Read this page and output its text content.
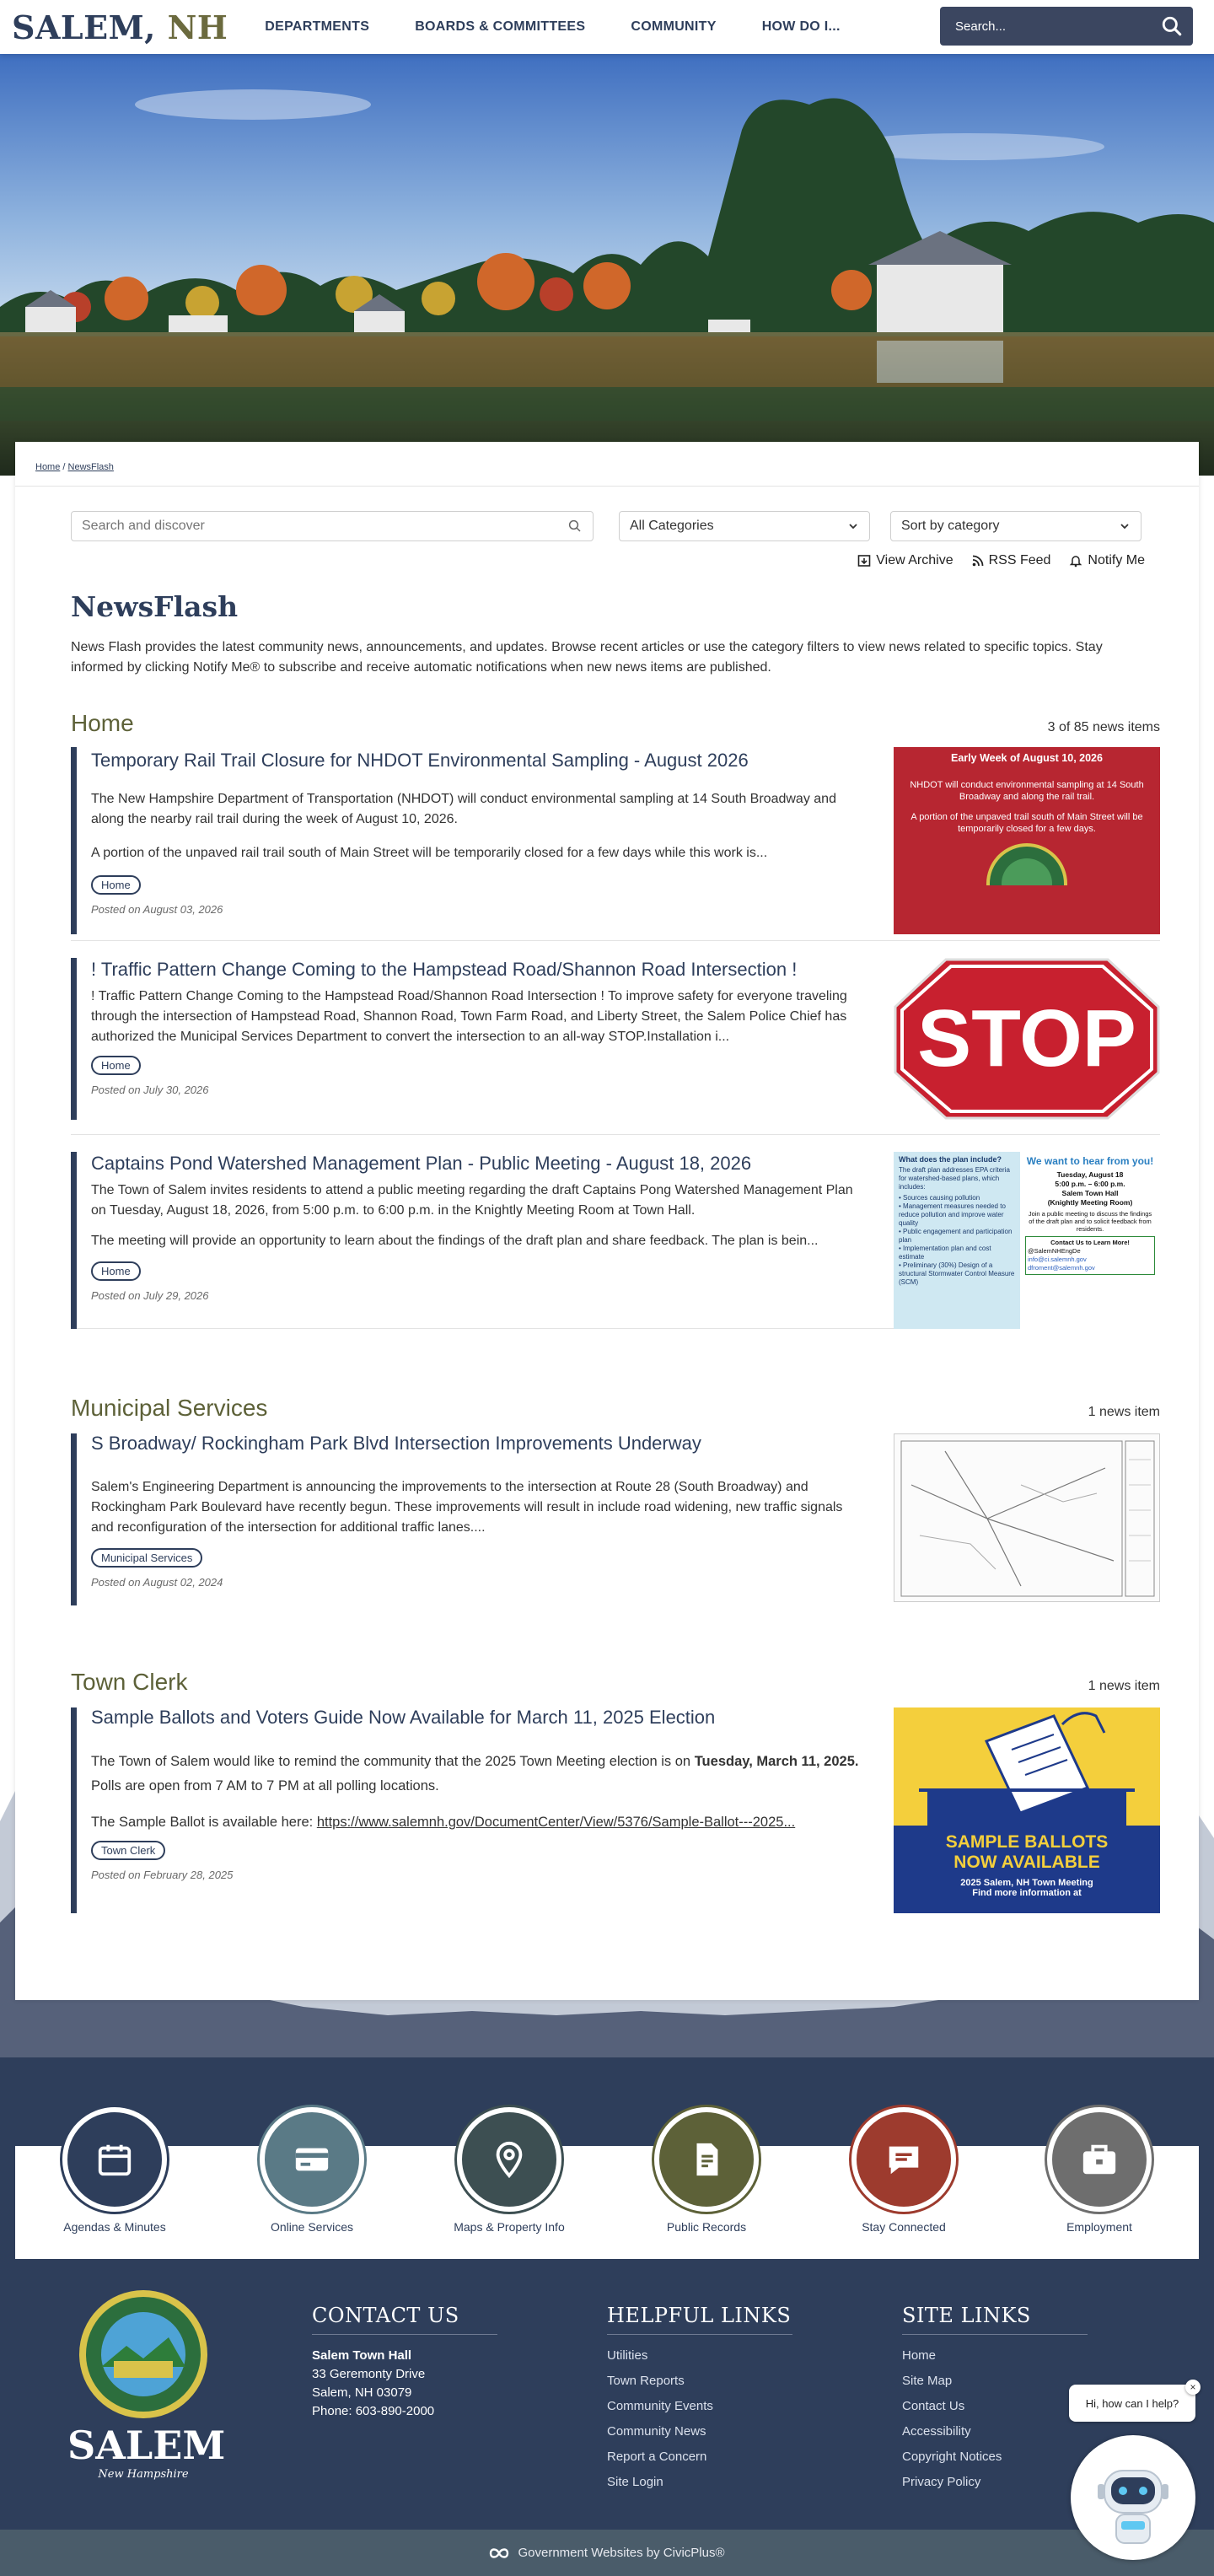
SALEM, NH	DEPARTMENTS	BOARDS & COMMITTEES	COMMUNITY	HOW DO I...
Search...
Home / NewsFlash
Search and discover
All Categories	Sort by category
View Archive	RSS Feed	Notify Me
NewsFlash

News Flash provides the latest community news, announcements, and updates. Browse recent articles or use the category filters to view news related to specific topics. Stay informed by clicking Notify Me® to subscribe and receive automatic notifications when new news items are published.

Home	3 of 85 news items
Temporary Rail Trail Closure for NHDOT Environmental Sampling - August 2026
The New Hampshire Department of Transportation (NHDOT) will conduct environmental sampling at 14 South Broadway and along the nearby rail trail during the week of August 10, 2026.
A portion of the unpaved rail trail south of Main Street will be temporarily closed for a few days while this work is...
Home
Posted on August 03, 2026
Early Week of August 10, 2026
NHDOT will conduct environmental sampling at 14 South Broadway and along the rail trail.
A portion of the unpaved trail south of Main Street will be temporarily closed for a few days.
! Traffic Pattern Change Coming to the Hampstead Road/Shannon Road Intersection !
! Traffic Pattern Change Coming to the Hampstead Road/Shannon Road Intersection ! To improve safety for everyone traveling through the intersection of Hampstead Road, Shannon Road, Town Farm Road, and Liberty Street, the Salem Police Chief has authorized the Municipal Services Department to convert the intersection to an all-way STOP.Installation i...
Home
Posted on July 30, 2026
STOP
Captains Pond Watershed Management Plan - Public Meeting - August 18, 2026
The Town of Salem invites residents to attend a public meeting regarding the draft Captains Pong Watershed Management Plan on Tuesday, August 18, 2026, from 5:00 p.m. to 6:00 p.m. in the Knightly Meeting Room at Town Hall.
The meeting will provide an opportunity to learn about the findings of the draft plan and share feedback. The plan is bein...
Home
Posted on July 29, 2026
What does the plan include?
The draft plan addresses EPA criteria for watershed-based plans, which includes:
• Sources causing pollution
• Management measures needed to reduce pollution and improve water quality
• Public engagement and participation plan
• Implementation plan and cost estimate
• Preliminary (30%) Design of a structural Stormwater Control Measure (SCM)
We want to hear from you!
Tuesday, August 18
5:00 p.m. – 6:00 p.m.
Salem Town Hall
(Knightly Meeting Room)
Join a public meeting to discuss the findings of the draft plan and to solicit feedback from residents.
Contact Us to Learn More!
@SalemNHEngDe
info@ci.salemnh.gov
dfroment@salemnh.gov
Municipal Services	1 news item
S Broadway/ Rockingham Park Blvd Intersection Improvements Underway
Salem's Engineering Department is announcing the improvements to the intersection at Route 28 (South Broadway) and Rockingham Park Boulevard have recently begun. These improvements will result in include road widening, new traffic signals and reconfiguration of the intersection for additional traffic lanes....
Municipal Services
Posted on August 02, 2024
Town Clerk	1 news item
Sample Ballots and Voters Guide Now Available for March 11, 2025 Election
The Town of Salem would like to remind the community that the 2025 Town Meeting election is on Tuesday, March 11, 2025. Polls are open from 7 AM to 7 PM at all polling locations.
The Sample Ballot is available here: https://www.salemnh.gov/DocumentCenter/View/5376/Sample-Ballot---2025...
Town Clerk
Posted on February 28, 2025
SAMPLE BALLOTS
NOW AVAILABLE
2025 Salem, NH Town Meeting
Find more information at
Agendas & Minutes	Online Services	Maps & Property Info	Public Records	Stay Connected	Employment
SALEM
New Hampshire
CONTACT US
Salem Town Hall
33 Geremonty Drive
Salem, NH 03079
Phone: 603-890-2000
HELPFUL LINKS
Utilities
Town Reports
Community Events
Community News
Report a Concern
Site Login
SITE LINKS
Home
Site Map
Contact Us
Accessibility
Copyright Notices
Privacy Policy
Government Websites by CivicPlus®
Hi, how can I help?
×
